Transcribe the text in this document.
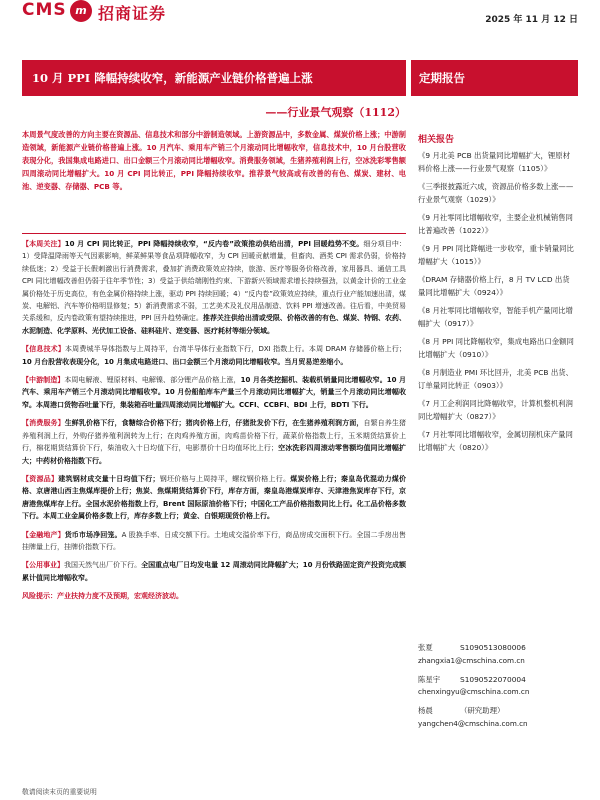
CMS m 招商证券	2025 年 11 月 12 日
10 月 PPI 降幅持续收窄，新能源产业链价格普遍上涨	定期报告
——行业景气观察（1112）
本周景气度改善的方向主要在资源品、信息技术和部分中游制造领域。上游资源品中，多数金属、煤炭价格上涨；中游制造领域，新能源产业链价格普遍上涨。10 月汽车、乘用车产销三个月滚动同比增幅收窄，信息技术中，10 月台股营收表现分化，我国集成电路进口、出口金额三个月滚动同比增幅收窄。消费服务领域，生猪养殖利润上行，空冰洗彩零售额四周滚动同比增幅扩大。10 月 CPI 同比转正，PPI 降幅持续收窄。推荐景气较高或有改善的有色、煤炭、建材、电池、逆变器、存储器、PCB 等。

【本周关注】10 月 CPI 同比转正，PPI 降幅持续收窄，“反内卷”政策推动供给出清，PPI 回暖趋势不变。细分项目中：1）受降温降雨等天气因素影响，鲜菜鲜果等食品项降幅收窄，为 CPI 回暖贡献增量，但畜肉、酒类 CPI 需求仍弱，价格持续低迷；2）受益于长假刺激出行消费需求，叠加扩消费政策效应持续，旅游、医疗等服务价格改善，家用器具、通信工具 CPI 同比增幅改善但仍弱于往年季节性；3）受益于供给端刚性约束、下游新兴领域需求增长持续强劲，以黄金计价的工业金属价格处于历史高位，有色金属价格持续上涨，驱动 PPI 持续回暖；4）“反内卷”政策效应持续，重点行业产能加速出清，煤炭、电解铝、汽车等价格明显修复；5）新消费需求不弱，工艺美术及礼仪用品制造、饮料 PPI 增速改善。往后看，中美贸易关系缓和，反内卷政策有望持续推进，PPI 回升趋势确定。推荐关注供给出清或受限、价格改善的有色、煤炭、特钢、农药、水泥制造、化学原料、光伏加工设备、硅料硅片、逆变器、医疗耗材等细分领域。

【信息技术】本周费城半导体指数与上周持平，台湾半导体行业指数下行，DXI 指数上行。本周 DRAM 存储器价格上行；10 月台股营收表现分化，10 月集成电路进口、出口金额三个月滚动同比增幅收窄。当月贸易逆差缩小。

【中游制造】本周电解液、锂原材料、电解镍、部分锂产品价格上涨，10 月各类挖掘机、装载机销量同比增幅收窄。10 月汽车、乘用车产销三个月滚动同比增幅收窄。10 月份船舶库车产量三个月滚动同比增幅扩大，销量三个月滚动同比增幅收窄。本周港口货物吞吐量下行，集装箱吞吐量四周滚动同比增幅扩大。CCFI、CCBFI、BDI 上行，BDTI 下行。

【消费服务】生鲜乳价格下行，食糖综合价格下行；猪肉价格上行，仔猪批发价下行，在生猪养殖利润方面，自繁自养生猪养殖利润上行，外购仔猪养殖利润转为上行；在肉鸡养殖方面，肉鸡苗价格下行，蔬菜价格指数上行，玉米期货结算价上行，棉花期货结算价下行，柴油收入十日均值下行，电影票价十日均值环比上行；空冰洗彩四周滚动零售额均值同比增幅扩大；中药材价格指数下行。

【资源品】建筑钢材成交量十日均值下行；钢坯价格与上周持平，螺纹钢价格上行。煤炭价格上行；秦皇岛优混动力煤价格、京唐港山西主焦煤库提价上行；焦炭、焦煤期货结算价下行，库存方面，秦皇岛港煤炭库存、天津港焦炭库存下行，京唐港焦煤库存上行。全国水泥价格指数上行，Brent 国际原油价格下行；中国化工产品价格指数同比上行。化工品价格多数下行。本周工业金属价格多数上行，库存多数上行；黄金、白银期现货价格上行。

【金融地产】货币市场净回笼。A 股换手率、日成交额下行。土地成交溢价率下行，商品房成交面积下行。全国二手房出售挂牌量上行，挂牌价指数下行。

【公用事业】我国天然气出厂价下行。全国重点电厂日均发电量 12 周滚动同比降幅扩大；10 月份铁路固定资产投资完成额累计值同比增幅收窄。

风险提示：产业扶持力度不及预期，宏观经济波动。

相关报告
《9 月北美 PCB 出货量同比增幅扩大，锂原材料价格上涨——行业景气观察（1105）》
《三季报披露近六成，资源品价格多数上涨——行业景气观察（1029）》
《9 月社零同比增幅收窄，主要企业机械销售同比普遍改善（1022）》
《9 月 PPI 同比降幅进一步收窄，重卡销量同比增幅扩大（1015）》
《DRAM 存储器价格上行，8 月 TV LCD 出货量同比增幅扩大（0924）》
《8 月社零同比增幅收窄，智能手机产量同比增幅扩大（0917）》
《8 月 PPI 同比降幅收窄，集成电路出口金额同比增幅扩大（0910）》
《8 月制造业 PMI 环比回升，北美 PCB 出货、订单量同比转正（0903）》
《7 月工企利润同比降幅收窄，计算机整机利润同比增幅扩大（0827）》
《7 月社零同比增幅收窄，金属切削机床产量同比增幅扩大（0820）》
张夏	S1090513080006
zhangxia1@cmschina.com.cn
陈星宇	S1090522070004
chenxingyu@cmschina.com.cn
杨晨	（研究助理）
yangchen4@cmschina.com.cn
敬请阅读末页的重要说明
